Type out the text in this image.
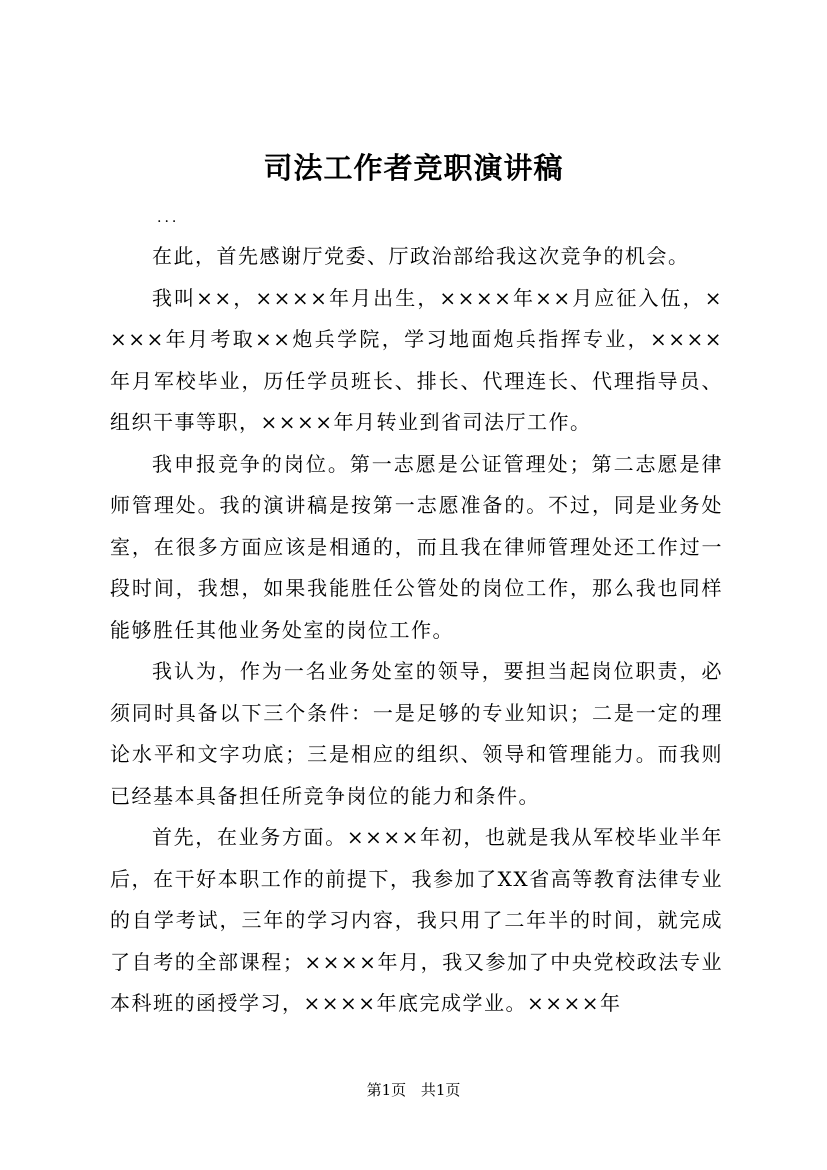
司法工作者竞职演讲稿
...

在此，首先感谢厅党委、厅政治部给我这次竞争的机会。

我叫××，××××年月出生，××××年××月应征入伍，××××年月考取××炮兵学院，学习地面炮兵指挥专业，××××年月军校毕业，历任学员班长、排长、代理连长、代理指导员、组织干事等职，××××年月转业到省司法厅工作。

我申报竞争的岗位。第一志愿是公证管理处；第二志愿是律师管理处。我的演讲稿是按第一志愿准备的。不过，同是业务处室，在很多方面应该是相通的，而且我在律师管理处还工作过一段时间，我想，如果我能胜任公管处的岗位工作，那么我也同样能够胜任其他业务处室的岗位工作。

我认为，作为一名业务处室的领导，要担当起岗位职责，必须同时具备以下三个条件：一是足够的专业知识；二是一定的理论水平和文字功底；三是相应的组织、领导和管理能力。而我则已经基本具备担任所竞争岗位的能力和条件。

首先，在业务方面。××××年初，也就是我从军校毕业半年后，在干好本职工作的前提下，我参加了XX省高等教育法律专业的自学考试，三年的学习内容，我只用了二年半的时间，就完成了自考的全部课程；××××年月，我又参加了中央党校政法专业本科班的函授学习，××××年底完成学业。××××年

第1页 共1页
